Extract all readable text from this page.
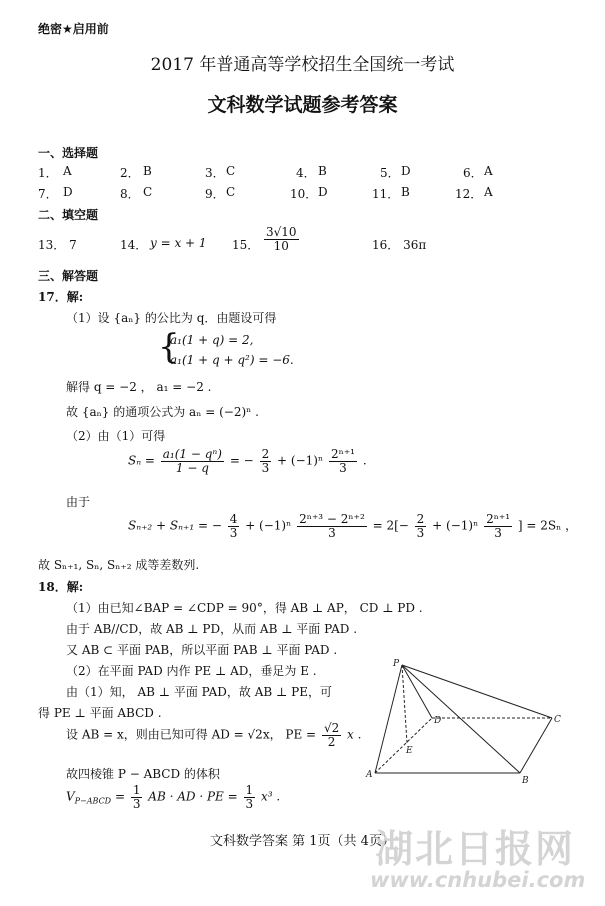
绝密★启用前
2017 年普通高等学校招生全国统一考试
文科数学试题参考答案
一、选择题
1． A	2． B	3． C	4． B	5． D	6． A
7． D	8． C	9． C	10． D	11． B	12． A
二、填空题
13． 7	14． y = x + 1 15． $\frac{3√10}{10}$	16． 36π
三、解答题
17．解:
（1）设 {aₙ} 的公比为 q．由题设可得
{
a₁(1 + q) = 2,
a₁(1 + q + q²) = −6.
解得 q = −2 ， a₁ = −2 .
故 {aₙ} 的通项公式为 aₙ = (−2)ⁿ .
（2）由（1）可得
$S_n = \frac{\text{a₁(1 − qⁿ)}}{1 - q}$ = − $\frac{2}{3} + (-1)^n \frac{\text{2ⁿ⁺¹}}{3}$ .
由于
Sₙ₊₂ + Sₙ₊₁ = − $\frac{4}{3} + (-1)^n \frac{\text{2ⁿ⁺³ − 2ⁿ⁺²}}{3} = 2[- \frac{2}{3} + (-1)^n \frac{\text{2ⁿ⁺¹}}{3}$ ] = 2Sₙ ，
故 Sₙ₊₁, Sₙ, Sₙ₊₂ 成等差数列.
18．解:
（1）由已知∠BAP = ∠CDP = 90°，得 AB ⊥ AP， CD ⊥ PD .
由于 AB//CD，故 AB ⊥ PD，从而 AB ⊥ 平面 PAD .
又 AB ⊂ 平面 PAB，所以平面 PAB ⊥ 平面 PAD .
（2）在平面 PAD 内作 PE ⊥ AD，垂足为 E .
由（1）知， AB ⊥ 平面 PAD，故 AB ⊥ PE，可
得 PE ⊥ 平面 ABCD .
设 AB = x，则由已知可得 AD = √2x， PE = $\frac{√2}{2}$ x .
故四棱锥 P − ABCD 的体积
$V_{P-ABCD} = \frac{1}{3}$ AB · AD · PE = $\frac{1}{3} x^3$ .
P
D	C
E
A
B
文科数学答案 第 1页（共 4页）
湖北日报网
www.cnhubei.com
